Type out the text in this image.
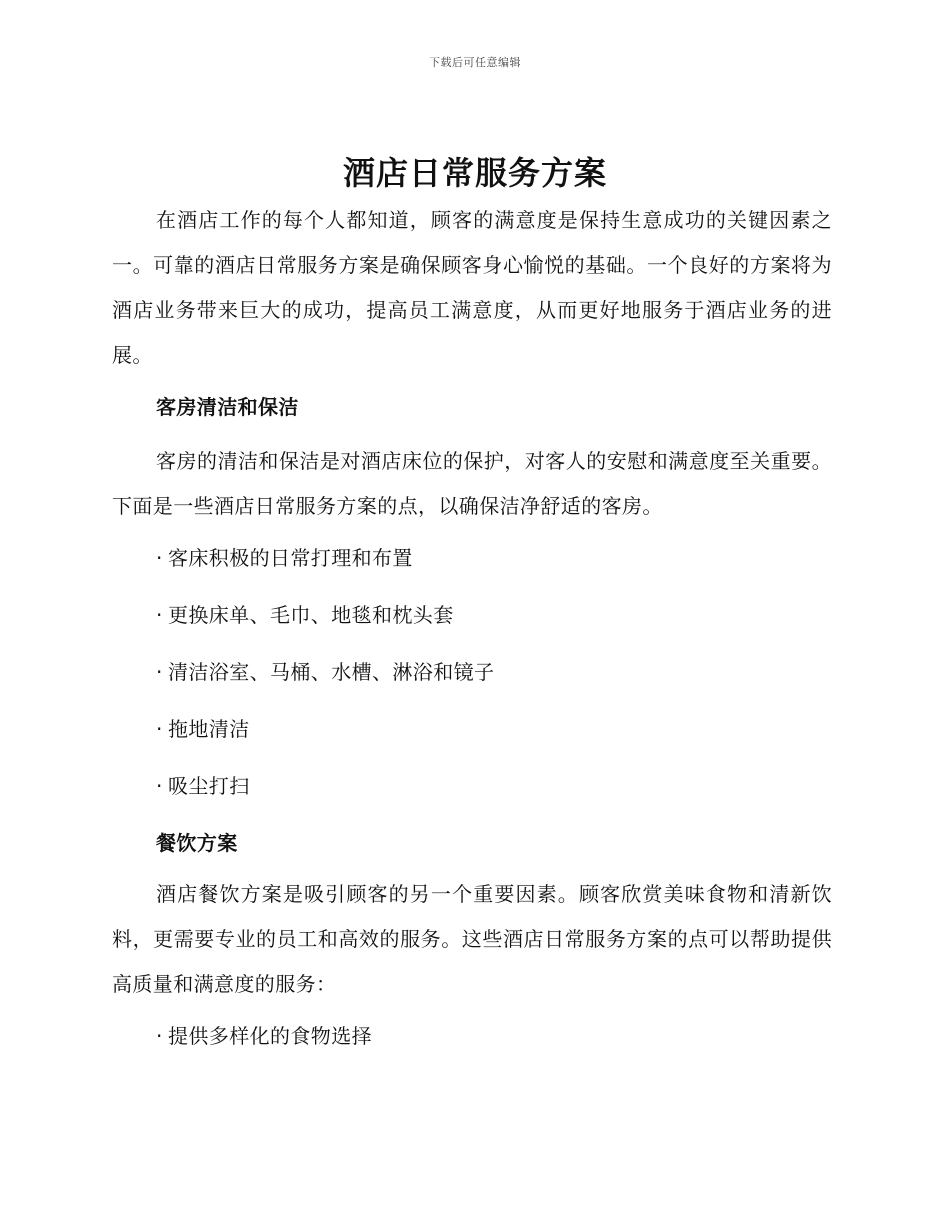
下载后可任意编辑
酒店日常服务方案

在酒店工作的每个人都知道，顾客的满意度是保持生意成功的关键因素之一。可靠的酒店日常服务方案是确保顾客身心愉悦的基础。一个良好的方案将为酒店业务带来巨大的成功，提高员工满意度，从而更好地服务于酒店业务的进展。

客房清洁和保洁

客房的清洁和保洁是对酒店床位的保护，对客人的安慰和满意度至关重要。下面是一些酒店日常服务方案的点，以确保洁净舒适的客房。

· 客床积极的日常打理和布置

· 更换床单、毛巾、地毯和枕头套

· 清洁浴室、马桶、水槽、淋浴和镜子

· 拖地清洁

· 吸尘打扫

餐饮方案

酒店餐饮方案是吸引顾客的另一个重要因素。顾客欣赏美味食物和清新饮料，更需要专业的员工和高效的服务。这些酒店日常服务方案的点可以帮助提供高质量和满意度的服务：

· 提供多样化的食物选择
